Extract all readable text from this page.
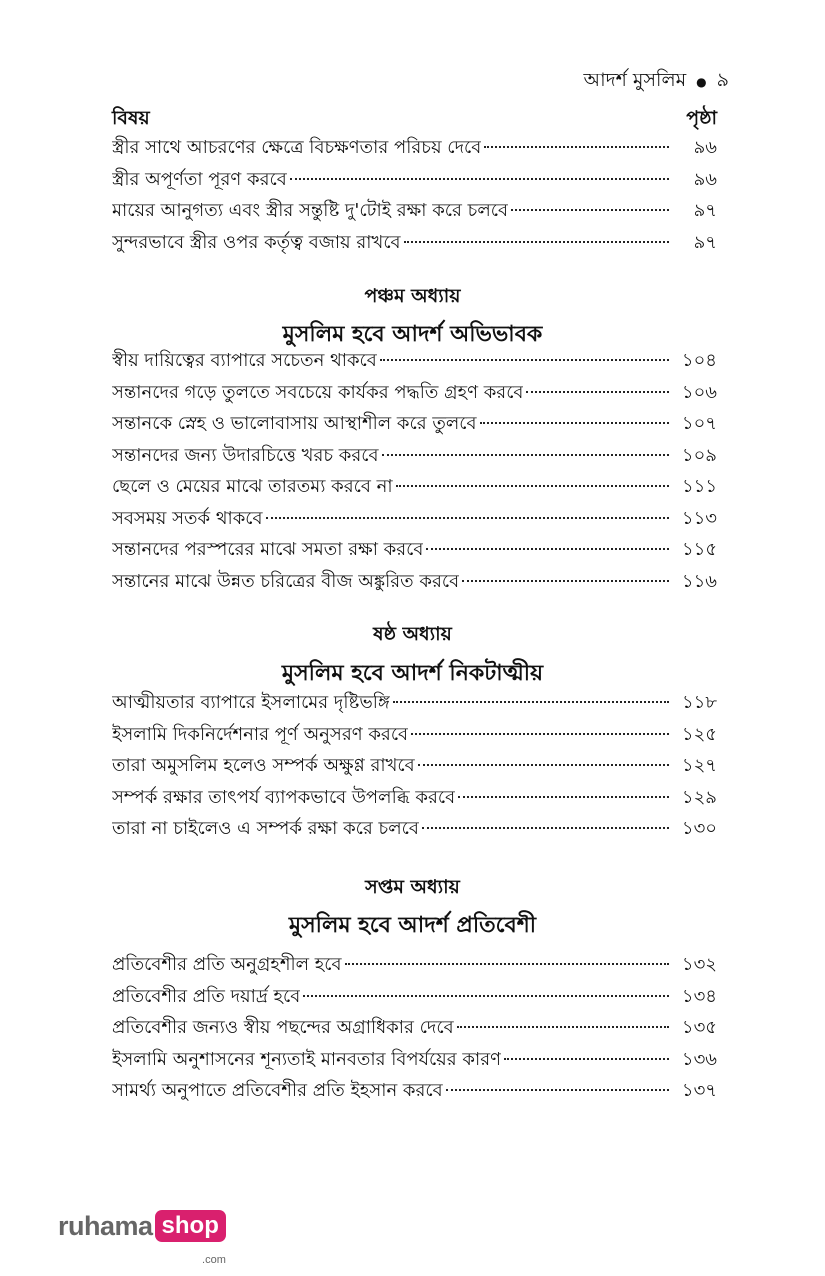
আদর্শ মুসলিম ● ৯
বিষয়	পৃষ্ঠা
স্ত্রীর সাথে আচরণের ক্ষেত্রে বিচক্ষণতার পরিচয় দেবে	৯৬
স্ত্রীর অপূর্ণতা পূরণ করবে	৯৬
মায়ের আনুগত্য এবং স্ত্রীর সন্তুষ্টি দু'টোই রক্ষা করে চলবে	৯৭
সুন্দরভাবে স্ত্রীর ওপর কর্তৃত্ব বজায় রাখবে	৯৭
পঞ্চম অধ্যায়
মুসলিম হবে আদর্শ অভিভাবক
স্বীয় দায়িত্বের ব্যাপারে সচেতন থাকবে	১০৪
সন্তানদের গড়ে তুলতে সবচেয়ে কার্যকর পদ্ধতি গ্রহণ করবে	১০৬
সন্তানকে স্নেহ ও ভালোবাসায় আস্থাশীল করে তুলবে	১০৭
সন্তানদের জন্য উদারচিত্তে খরচ করবে	১০৯
ছেলে ও মেয়ের মাঝে তারতম্য করবে না	১১১
সবসময় সতর্ক থাকবে	১১৩
সন্তানদের পরস্পরের মাঝে সমতা রক্ষা করবে	১১৫
সন্তানের মাঝে উন্নত চরিত্রের বীজ অঙ্কুরিত করবে	১১৬
ষষ্ঠ অধ্যায়
মুসলিম হবে আদর্শ নিকটাত্মীয়
আত্মীয়তার ব্যাপারে ইসলামের দৃষ্টিভঙ্গি	১১৮
ইসলামি দিকনির্দেশনার পূর্ণ অনুসরণ করবে	১২৫
তারা অমুসলিম হলেও সম্পর্ক অক্ষুণ্ণ রাখবে	১২৭
সম্পর্ক রক্ষার তাৎপর্য ব্যাপকভাবে উপলব্ধি করবে	১২৯
তারা না চাইলেও এ সম্পর্ক রক্ষা করে চলবে	১৩০
সপ্তম অধ্যায়
মুসলিম হবে আদর্শ প্রতিবেশী
প্রতিবেশীর প্রতি অনুগ্রহশীল হবে	১৩২
প্রতিবেশীর প্রতি দয়ার্দ্র হবে	১৩৪
প্রতিবেশীর জন্যও স্বীয় পছন্দের অগ্রাধিকার দেবে	১৩৫
ইসলামি অনুশাসনের শূন্যতাই মানবতার বিপর্যয়ের কারণ	১৩৬
সামর্থ্য অনুপাতে প্রতিবেশীর প্রতি ইহসান করবে	১৩৭
ruhama shop
.com
